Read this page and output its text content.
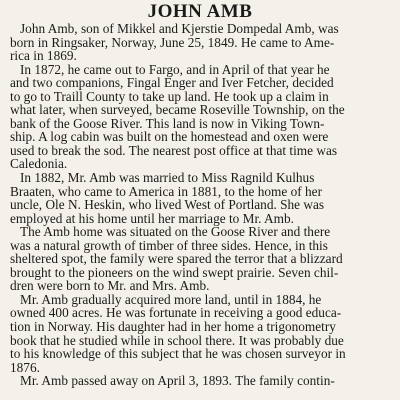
JOHN AMB
John Amb, son of Mikkel and Kjerstie Dompedal Amb, was
born in Ringsaker, Norway, June 25, 1849. He came to Ame-
rica in 1869.
In 1872, he came out to Fargo, and in April of that year he
and two companions, Fingal Enger and Iver Fetcher, decided
to go to Traill County to take up land. He took up a claim in
what later, when surveyed, became Roseville Township, on the
bank of the Goose River. This land is now in Viking Town-
ship. A log cabin was built on the homestead and oxen were
used to break the sod. The nearest post office at that time was
Caledonia.
In 1882, Mr. Amb was married to Miss Ragnild Kulhus
Braaten, who came to America in 1881, to the home of her
uncle, Ole N. Heskin, who lived West of Portland. She was
employed at his home until her marriage to Mr. Amb.
The Amb home was situated on the Goose River and there
was a natural growth of timber of three sides. Hence, in this
sheltered spot, the family were spared the terror that a blizzard
brought to the pioneers on the wind swept prairie. Seven chil-
dren were born to Mr. and Mrs. Amb.
Mr. Amb gradually acquired more land, until in 1884, he
owned 400 acres. He was fortunate in receiving a good educa-
tion in Norway. His daughter had in her home a trigonometry
book that he studied while in school there. It was probably due
to his knowledge of this subject that he was chosen surveyor in
1876.
Mr. Amb passed away on April 3, 1893. The family contin-
